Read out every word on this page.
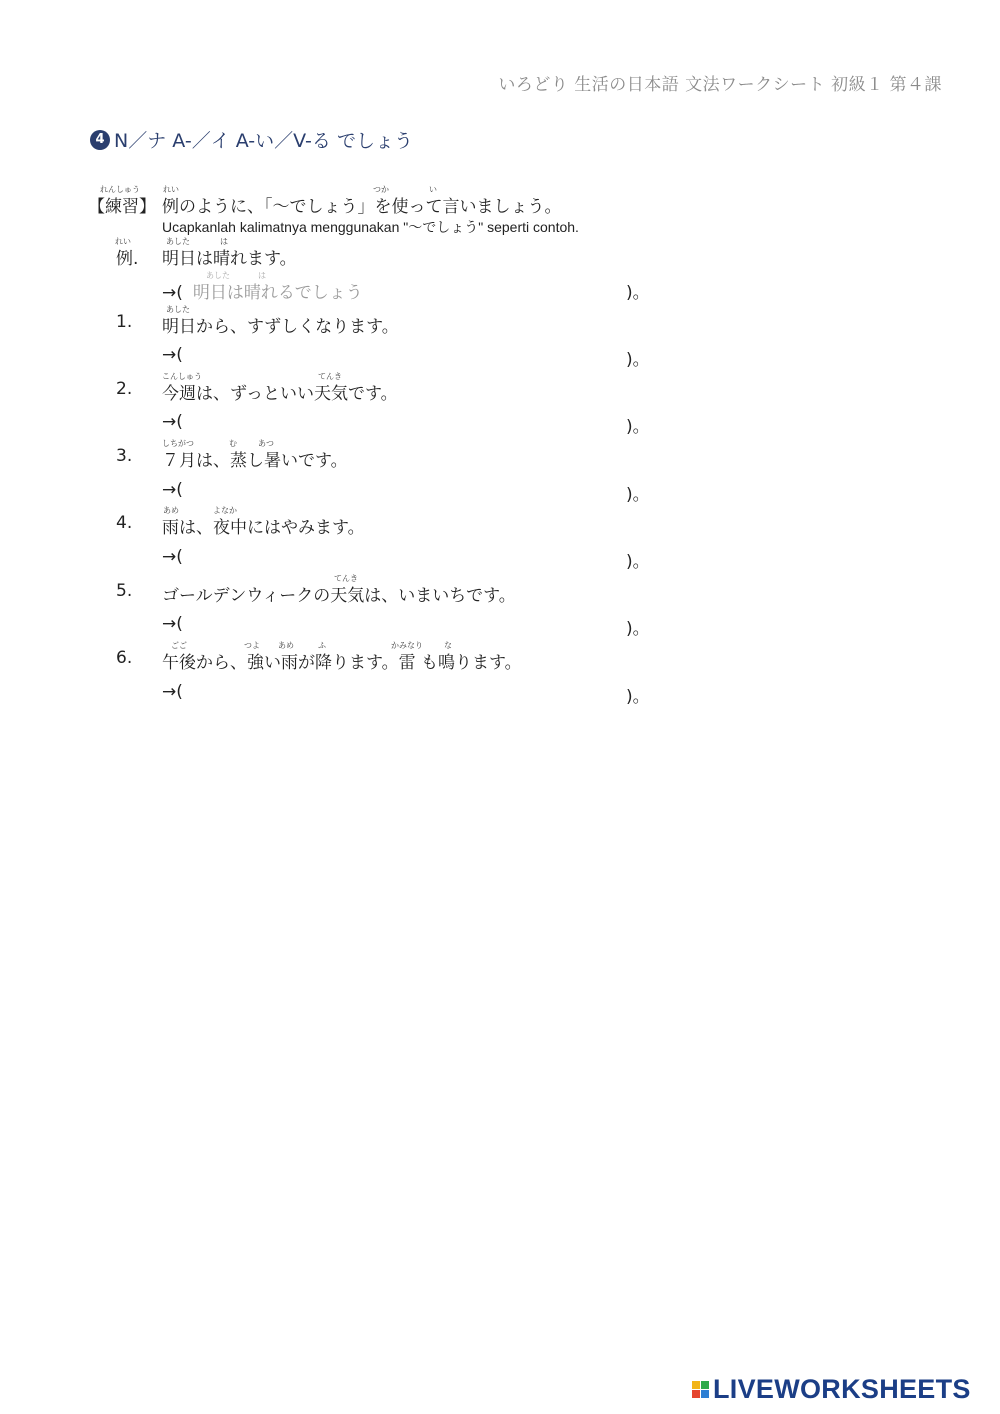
いろどり 生活の日本語 文法ワークシート 初級１ 第４課
4 N／ナ A-／イ A-い／V-る でしょう
れんしゅう
【練習】
れい	つか	い
例のように、「～でしょう」を使って言いましょう。
Ucapkanlah kalimatnya menggunakan "～でしょう" seperti contoh.
れい
例.
あした	は
明日は晴れます。
→( 明日は晴れるでしょう
あした	は
)。
あした
1. 明日から、すずしくなります。
→(	)。
こんしゅう	てんき
2. 今週は、ずっといい天気です。
→(	)。
しちがつ	む	あつ
3. ７月は、蒸し暑いです。
→(	)。
あめ	よなか
4. 雨は、夜中にはやみます。
→(	)。
てんき
5. ゴールデンウィークの天気は、いまいちです。
→(	)。
ごご	つよ あめ	ふ	かみなり	な
6. 午後から、強い雨が降ります。雷 も鳴ります。
→(	)。
LIVEWORKSHEETS
